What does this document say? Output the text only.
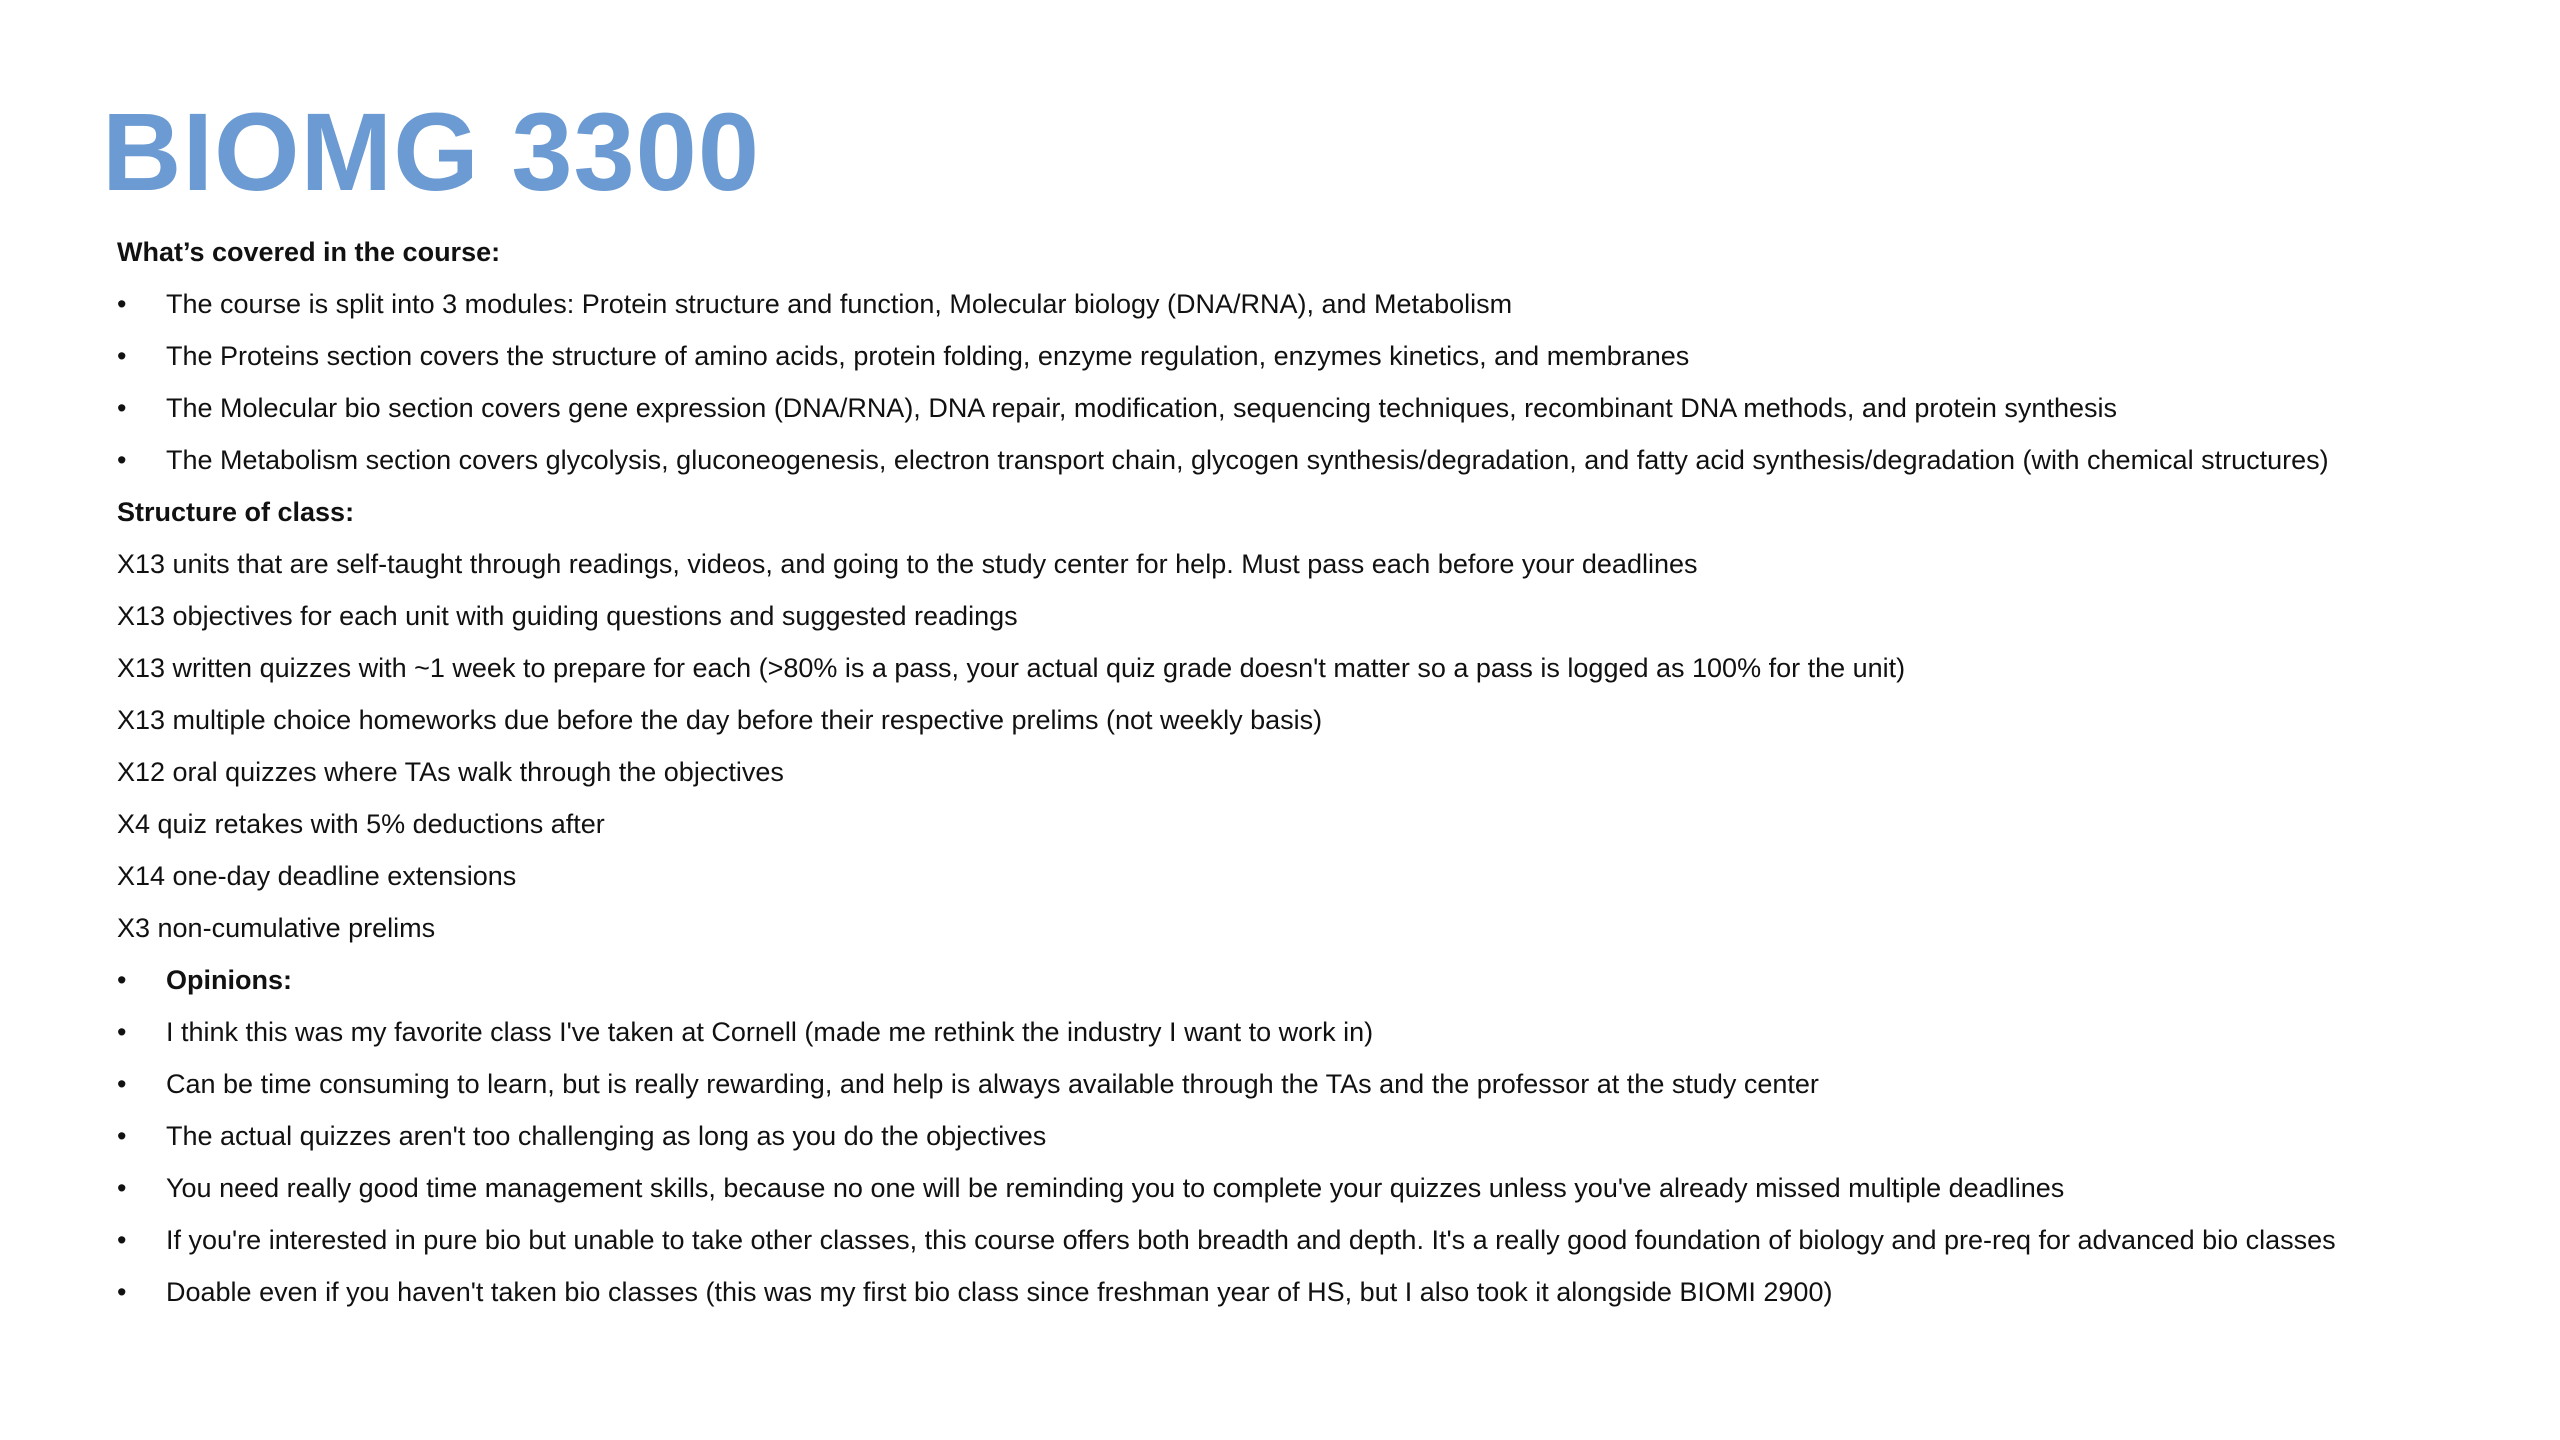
BIOMG 3300
What’s covered in the course:
•	The course is split into 3 modules: Protein structure and function, Molecular biology (DNA/RNA), and Metabolism
•	The Proteins section covers the structure of amino acids, protein folding, enzyme regulation, enzymes kinetics, and membranes
•	The Molecular bio section covers gene expression (DNA/RNA), DNA repair, modification, sequencing techniques, recombinant DNA methods, and protein synthesis
•	The Metabolism section covers glycolysis, gluconeogenesis, electron transport chain, glycogen synthesis/degradation, and fatty acid synthesis/degradation (with chemical structures)
Structure of class:
X13 units that are self-taught through readings, videos, and going to the study center for help. Must pass each before your deadlines
X13 objectives for each unit with guiding questions and suggested readings
X13 written quizzes with ~1 week to prepare for each (>80% is a pass, your actual quiz grade doesn't matter so a pass is logged as 100% for the unit)
X13 multiple choice homeworks due before the day before their respective prelims (not weekly basis)
X12 oral quizzes where TAs walk through the objectives
X4 quiz retakes with 5% deductions after
X14 one-day deadline extensions
X3 non-cumulative prelims
•	Opinions:
•	I think this was my favorite class I've taken at Cornell (made me rethink the industry I want to work in)
•	Can be time consuming to learn, but is really rewarding, and help is always available through the TAs and the professor at the study center
•	The actual quizzes aren't too challenging as long as you do the objectives
•	You need really good time management skills, because no one will be reminding you to complete your quizzes unless you've already missed multiple deadlines
•	If you're interested in pure bio but unable to take other classes, this course offers both breadth and depth. It's a really good foundation of biology and pre-req for advanced bio classes
•	Doable even if you haven't taken bio classes (this was my first bio class since freshman year of HS, but I also took it alongside BIOMI 2900)
